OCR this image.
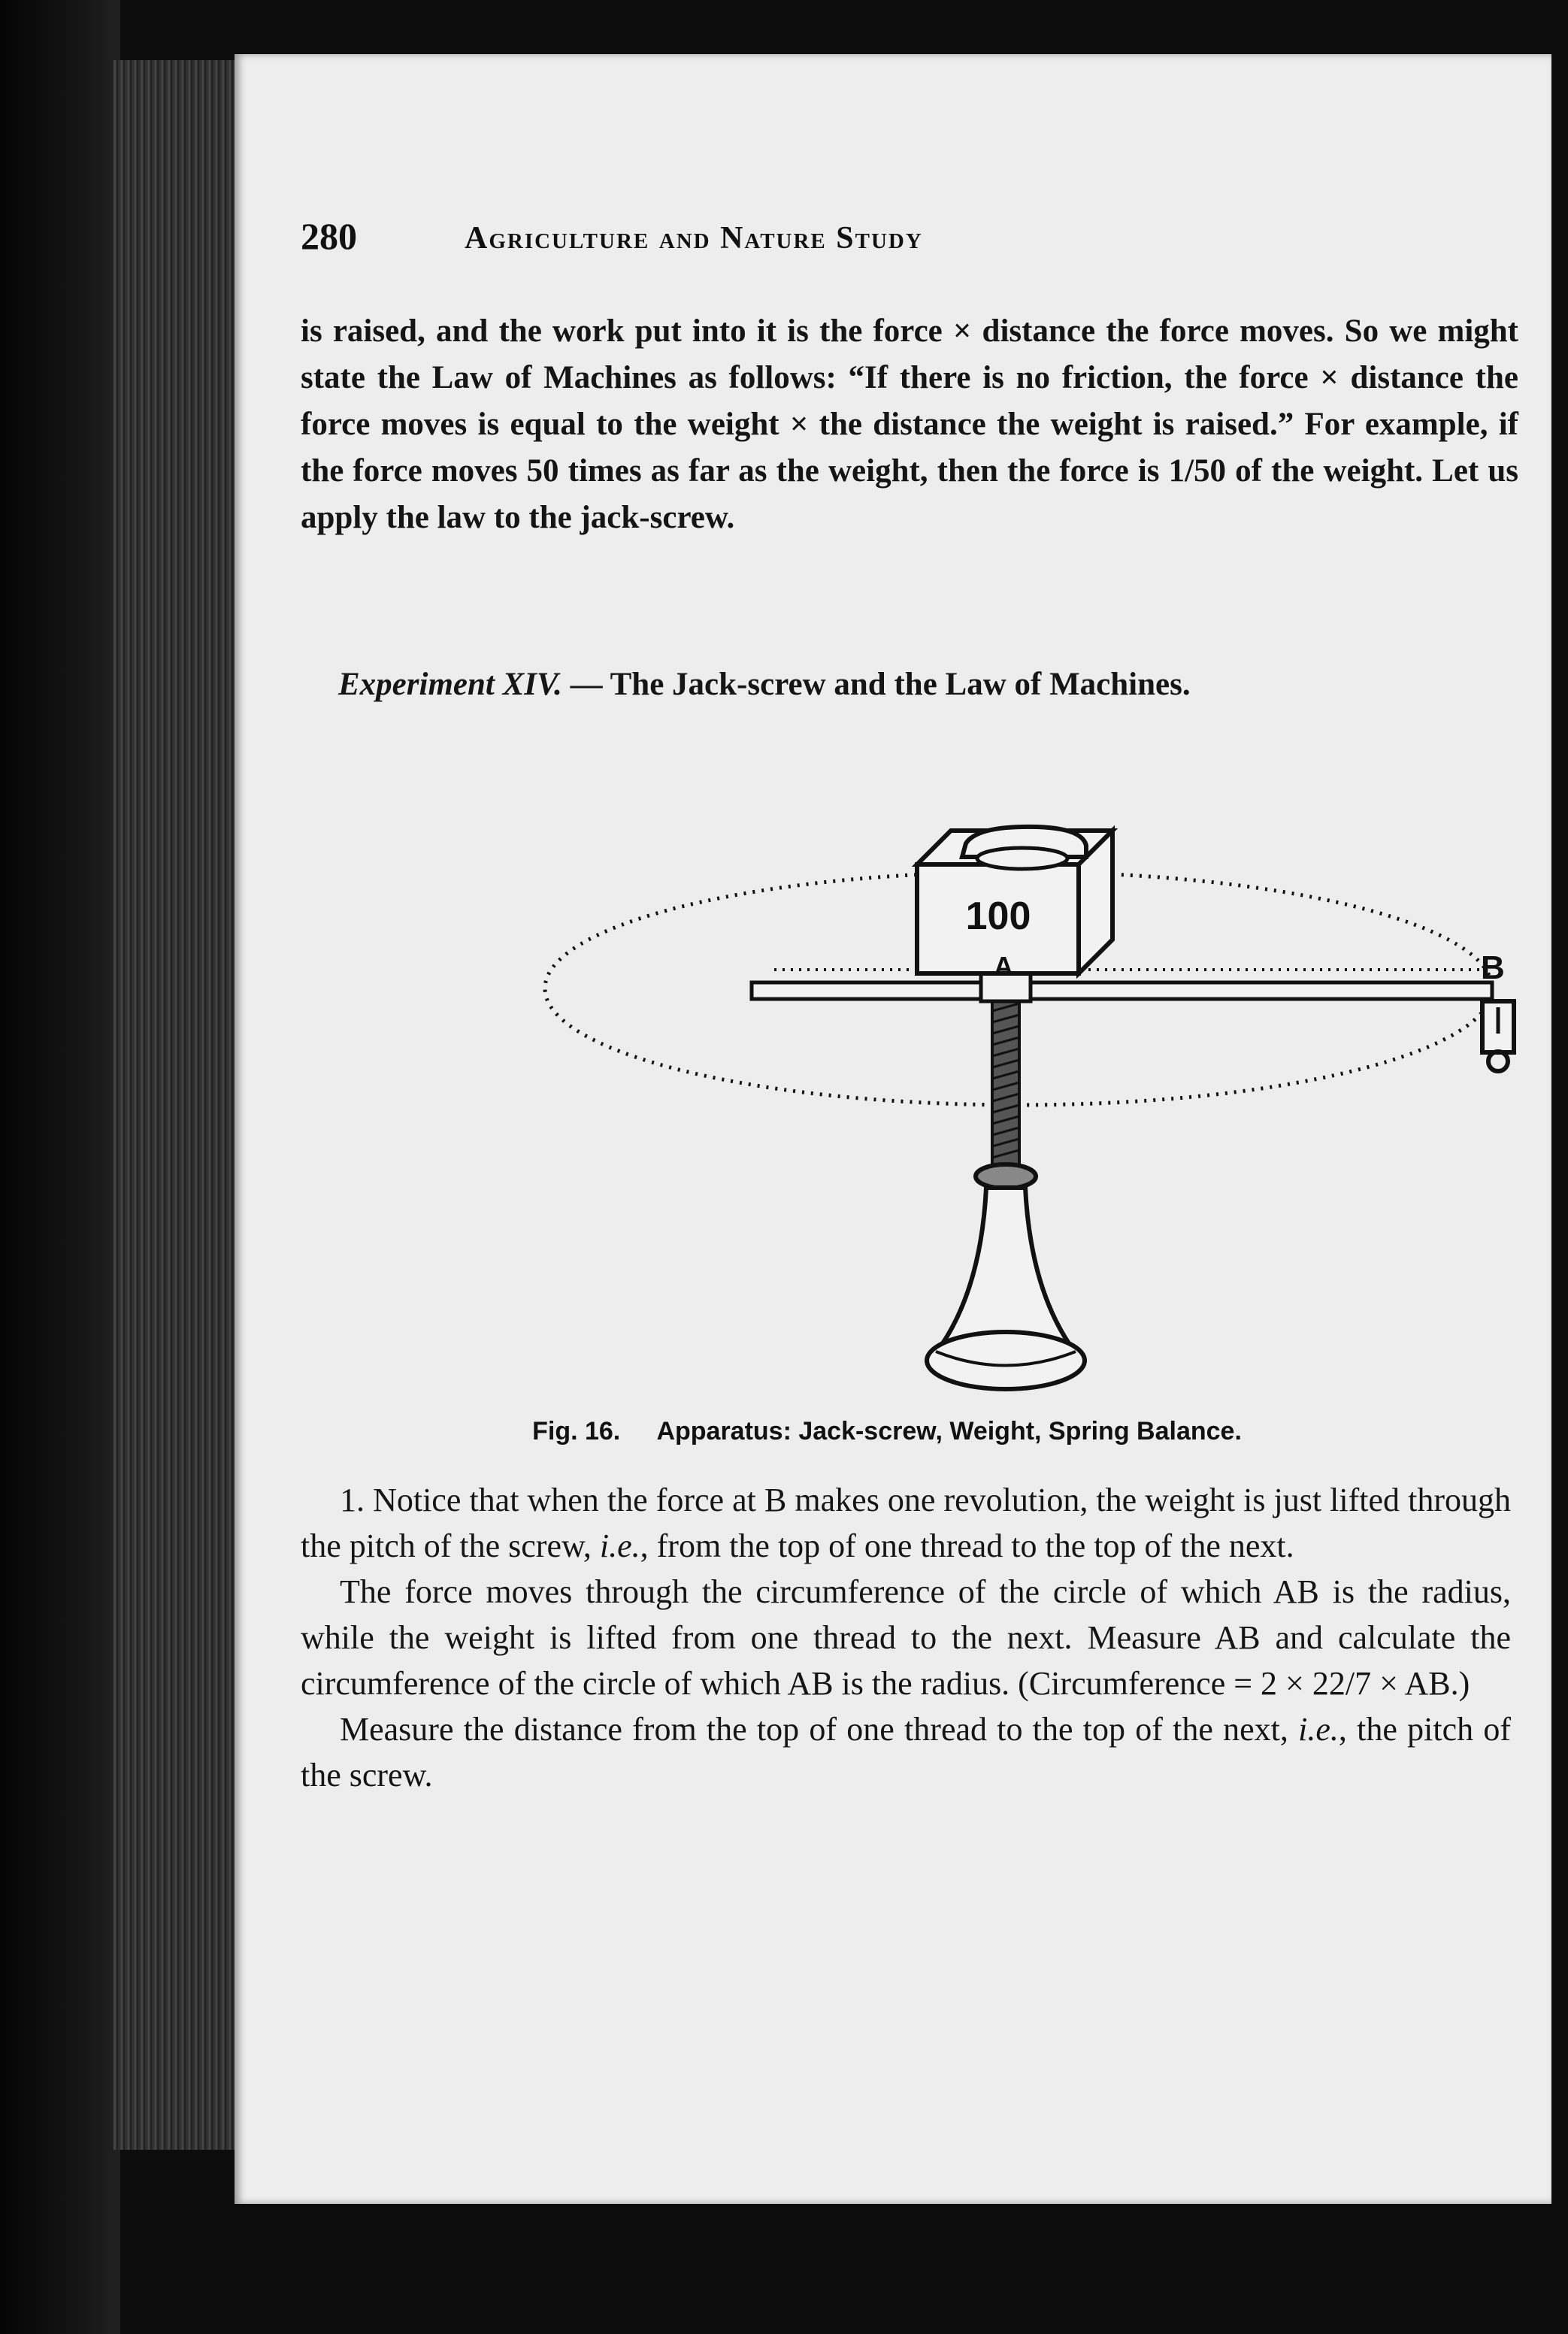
280	Agriculture and Nature Study

is raised, and the work put into it is the force × distance the force moves. So we might state the Law of Machines as follows: “If there is no friction, the force × distance the force moves is equal to the weight × the distance the weight is raised.” For example, if the force moves 50 times as far as the weight, then the force is 1/50 of the weight. Let us apply the law to the jack-screw.

Experiment XIV. — The Jack-screw and the Law of Machines.
100
A	B
Fig. 16. Apparatus: Jack-screw, Weight, Spring Balance.

1. Notice that when the force at B makes one revolution, the weight is just lifted through the pitch of the screw, i.e., from the top of one thread to the top of the next.

The force moves through the circumference of the circle of which AB is the radius, while the weight is lifted from one thread to the next. Measure AB and calculate the circumference of the circle of which AB is the radius. (Circumference = 2 × 22/7 × AB.)

Measure the distance from the top of one thread to the top of the next, i.e., the pitch of the screw.
